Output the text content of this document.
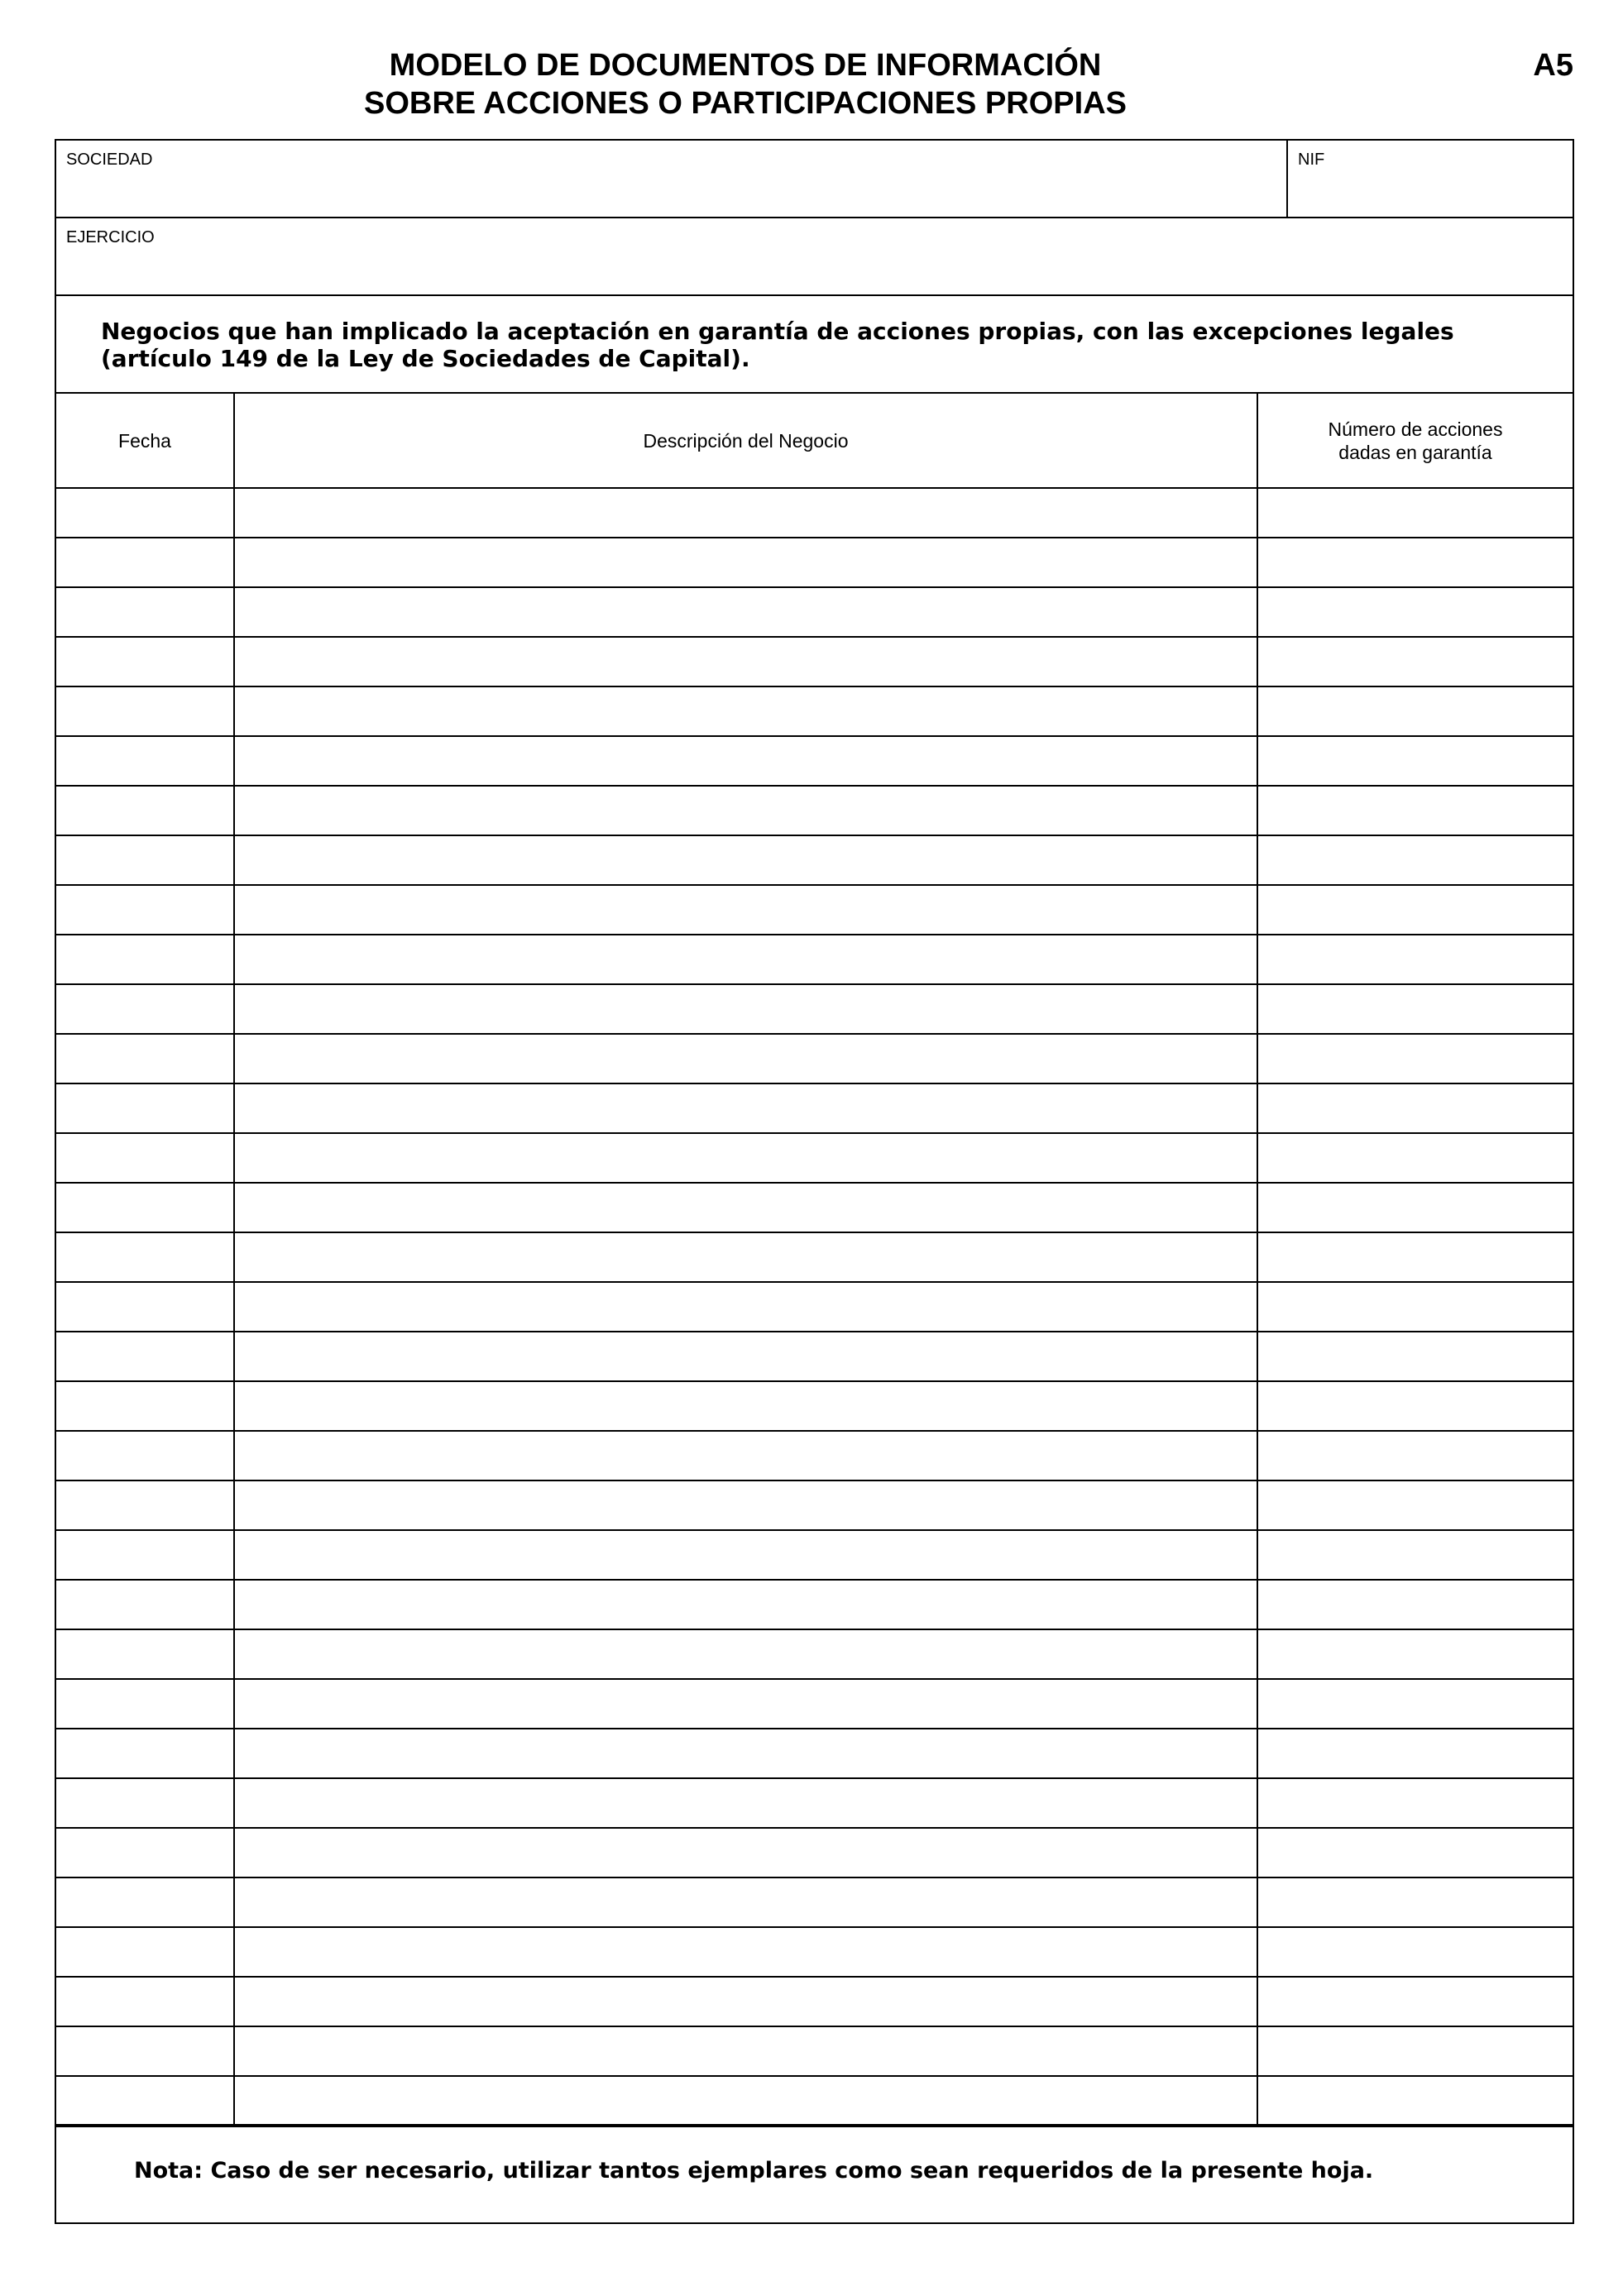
MODELO DE DOCUMENTOS DE INFORMACIÓN
SOBRE ACCIONES O PARTICIPACIONES PROPIAS
A5
SOCIEDAD	NIF
EJERCICIO
Negocios que han implicado la aceptación en garantía de acciones propias, con las excepciones legales (artículo 149 de la Ley de Sociedades de Capital).
Fecha	Descripción del Negocio	Número de acciones
dadas en garantía

Nota: Caso de ser necesario, utilizar tantos ejemplares como sean requeridos de la presente hoja.
